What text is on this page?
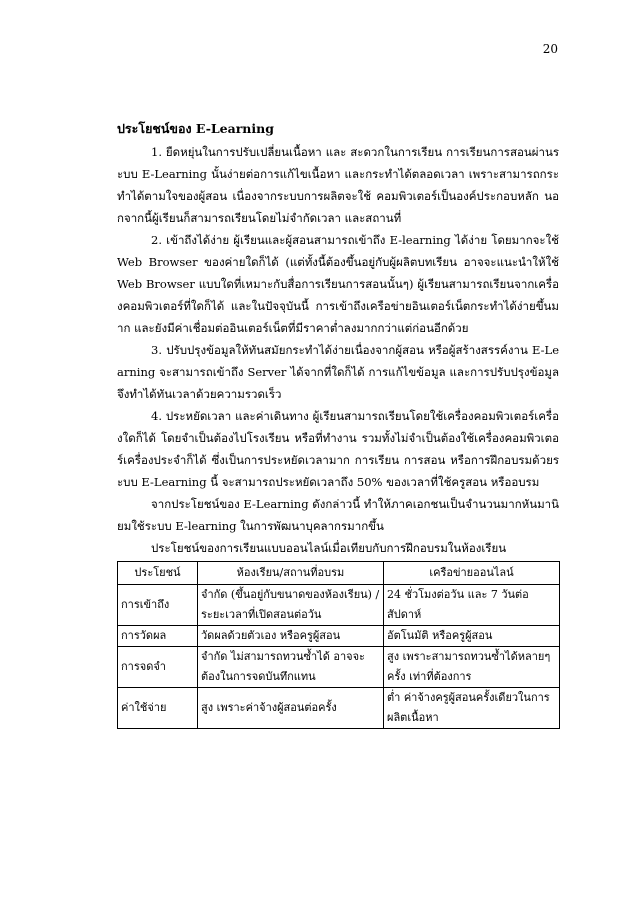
20

ประโยชน์ของ E-Learning

1. ยืดหยุ่นในการปรับเปลี่ยนเนื้อหา และ สะดวกในการเรียน การเรียนการสอนผ่านระบบ E-Learning นั้นง่ายต่อการแก้ไขเนื้อหา และกระทำได้ตลอดเวลา เพราะสามารถกระทำได้ตามใจของผู้สอน เนื่องจากระบบการผลิตจะใช้ คอมพิวเตอร์เป็นองค์ประกอบหลัก นอกจากนี้ผู้เรียนก็สามารถเรียนโดยไม่จำกัดเวลา และสถานที่

2. เข้าถึงได้ง่าย ผู้เรียนและผู้สอนสามารถเข้าถึง E-learning ได้ง่าย โดยมากจะใช้ Web Browser ของค่ายใดก็ได้ (แต่ทั้งนี้ต้องขึ้นอยู่กับผู้ผลิตบทเรียน อาจจะแนะนำให้ใช้ Web Browser แบบใดที่เหมาะกับสื่อการเรียนการสอนนั้นๆ) ผู้เรียนสามารถเรียนจากเครื่องคอมพิวเตอร์ที่ใดก็ได้ และในปัจจุบันนี้ การเข้าถึงเครือข่ายอินเตอร์เน็ตกระทำได้ง่ายขึ้นมาก และยังมีค่าเชื่อมต่ออินเตอร์เน็ตที่มีราคาต่ำลงมากกว่าแต่ก่อนอีกด้วย

3. ปรับปรุงข้อมูลให้ทันสมัยกระทำได้ง่ายเนื่องจากผู้สอน หรือผู้สร้างสรรค์งาน E-Learning จะสามารถเข้าถึง Server ได้จากที่ใดก็ได้ การแก้ไขข้อมูล และการปรับปรุงข้อมูล จึงทำได้ทันเวลาด้วยความรวดเร็ว

4. ประหยัดเวลา และค่าเดินทาง ผู้เรียนสามารถเรียนโดยใช้เครื่องคอมพิวเตอร์เครื่องใดก็ได้ โดยจำเป็นต้องไปโรงเรียน หรือที่ทำงาน รวมทั้งไม่จำเป็นต้องใช้เครื่องคอมพิวเตอร์เครื่องประจำก็ได้ ซึ่งเป็นการประหยัดเวลามาก การเรียน การสอน หรือการฝึกอบรมด้วยระบบ E-Learning นี้ จะสามารถประหยัดเวลาถึง 50% ของเวลาที่ใช้ครูสอน หรืออบรม

จากประโยชน์ของ E-Learning ดังกล่าวนี้ ทำให้ภาคเอกชนเป็นจำนวนมากหันมานิยมใช้ระบบ E-learning ในการพัฒนาบุคลากรมากขึ้น

ประโยชน์ของการเรียนแบบออนไลน์เมื่อเทียบกับการฝึกอบรมในห้องเรียน

ประโยชน์	ห้องเรียน/สถานที่อบรม	เครือข่ายออนไลน์
การเข้าถึง	จำกัด (ขึ้นอยู่กับขนาดของห้องเรียน) / ระยะเวลาที่เปิดสอนต่อวัน	24 ชั่วโมงต่อวัน และ 7 วันต่อสัปดาห์
การวัดผล	วัดผลด้วยตัวเอง หรือครูผู้สอน	อัตโนมัติ หรือครูผู้สอน
การจดจำ	จำกัด ไม่สามารถทวนซ้ำได้ อาจจะต้องในการจดบันทึกแทน	สูง เพราะสามารถทวนซ้ำได้หลายๆ ครั้ง เท่าที่ต้องการ
ค่าใช้จ่าย	สูง เพราะค่าจ้างผู้สอนต่อครั้ง	ต่ำ ค่าจ้างครูผู้สอนครั้งเดียวในการผลิตเนื้อหา
